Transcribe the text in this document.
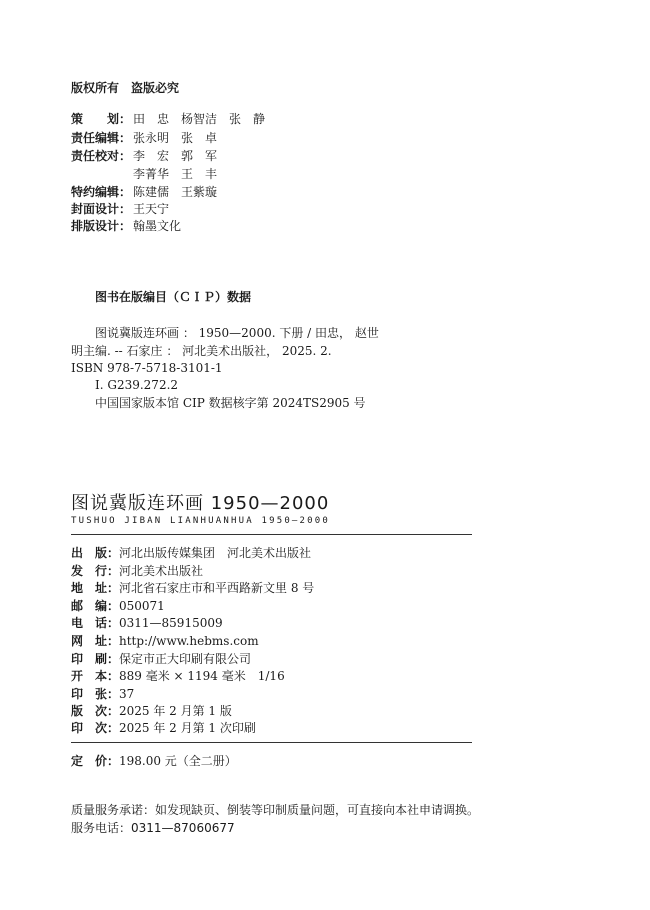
版权所有　盗版必究
策　　划： 田　忠　杨智洁　张　静
责任编辑： 张永明　张　卓
责任校对： 李　宏　郭　军
李菁华　王　丰
特约编辑： 陈建儒　王紫璇
封面设计： 王天宁
排版设计： 翰墨文化
图书在版编目（ＣＩＰ）数据
图说冀版连环画 ： 1950—2000. 下册 / 田忠， 赵世
明主编. -- 石家庄 ： 河北美术出版社， 2025. 2.
ISBN 978-7-5718-3101-1
Ⅰ. G239.272.2
中国国家版本馆 CIP 数据核字第 2024TS2905 号
图说冀版连环画 1950—2000
TUSHUO JIBAN LIANHUANHUA 1950—2000
出　版：河北出版传媒集团　河北美术出版社
发　行：河北美术出版社
地　址：河北省石家庄市和平西路新文里 8 号
邮　编：050071
电　话：0311—85915009
网　址：http://www.hebms.com
印　刷：保定市正大印刷有限公司
开　本：889 毫米 × 1194 毫米　1/16
印　张：37
版　次：2025 年 2 月第 1 版
印　次：2025 年 2 月第 1 次印刷
定　价：198.00 元（全二册）
质量服务承诺：如发现缺页、倒装等印制质量问题，可直接向本社申请调换。
服务电话：0311—87060677
